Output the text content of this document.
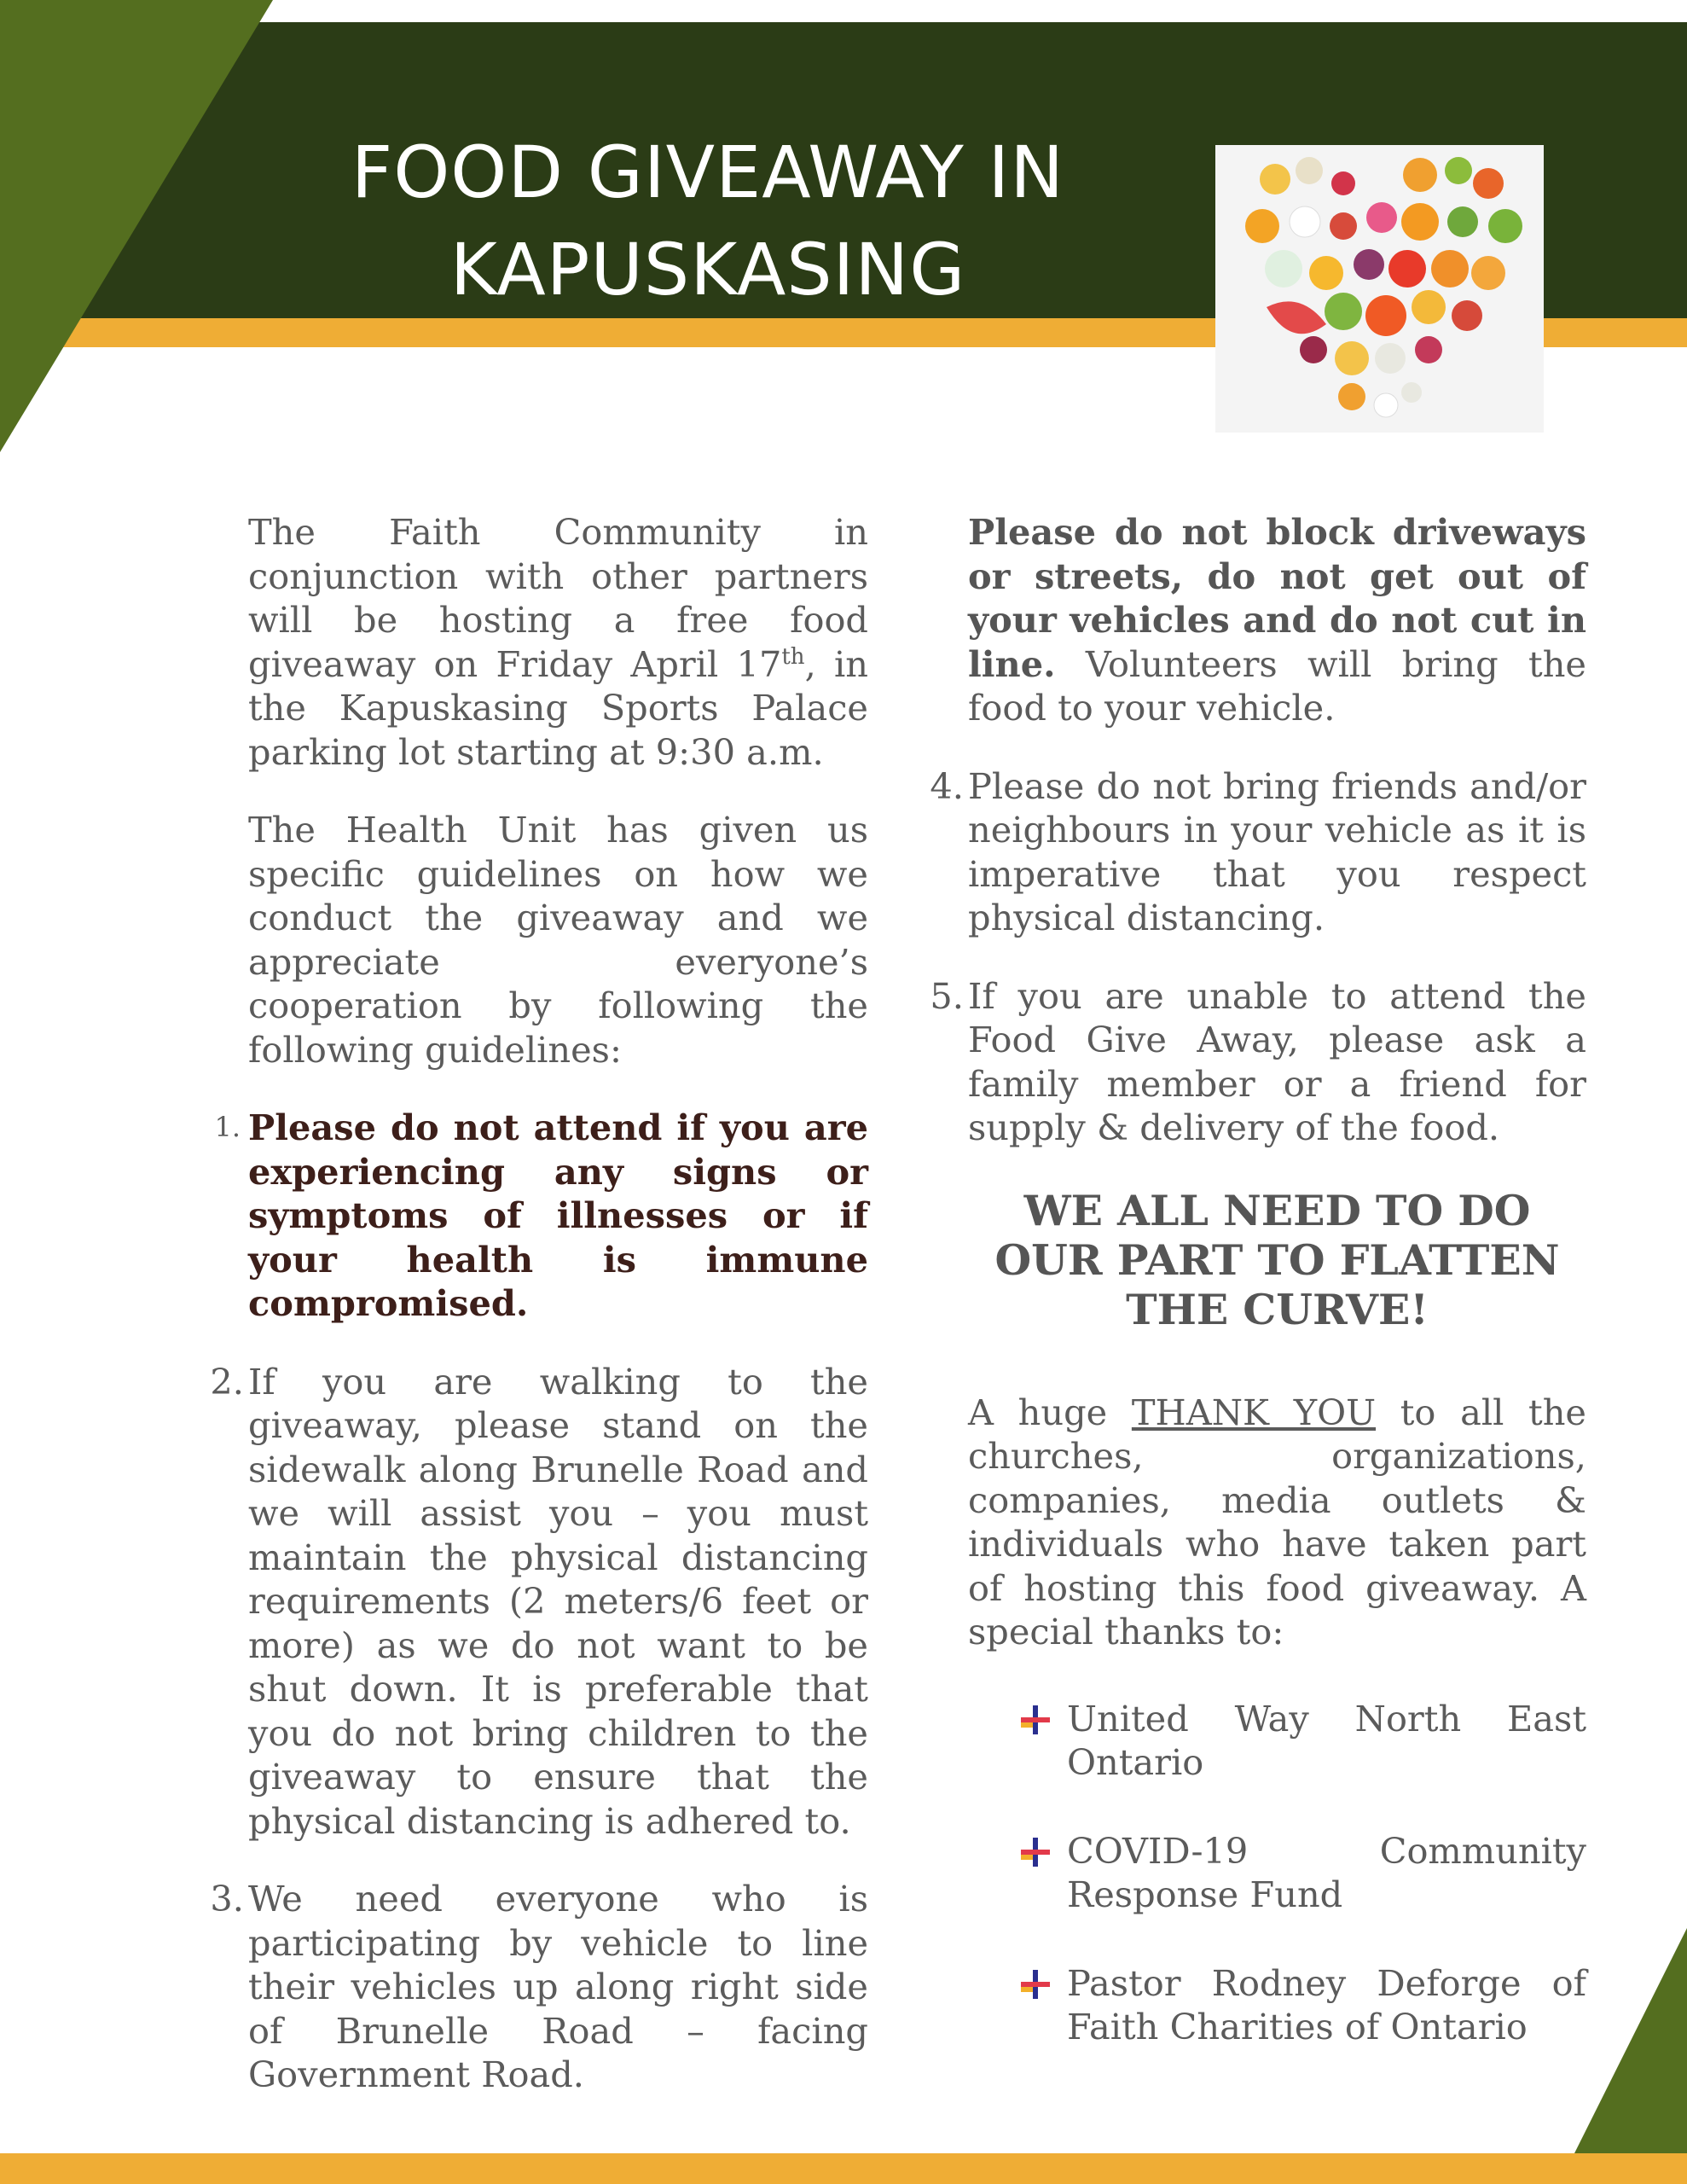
FOOD GIVEAWAY IN
KAPUSKASING

The Faith Community in conjunction with other partners will be hosting a free food giveaway on Friday April 17th, in the Kapuskasing Sports Palace parking lot starting at 9:30 a.m.

The Health Unit has given us specific guidelines on how we conduct the giveaway and we appreciate everyone’s cooperation by following the following guidelines:

1. Please do not attend if you are experiencing any signs or symptoms of illnesses or if your health is immune compromised.
2. If you are walking to the giveaway, please stand on the sidewalk along Brunelle Road and we will assist you – you must maintain the physical distancing requirements (2 meters/6 feet or more) as we do not want to be shut down. It is preferable that you do not bring children to the giveaway to ensure that the physical distancing is adhered to.
3. We need everyone who is participating by vehicle to line their vehicles up along right side of Brunelle Road – facing Government Road.

Please do not block driveways or streets, do not get out of your vehicles and do not cut in line. Volunteers will bring the food to your vehicle.

4. Please do not bring friends and/or neighbours in your vehicle as it is imperative that you respect physical distancing.
5. If you are unable to attend the Food Give Away, please ask a family member or a friend for supply & delivery of the food.
WE ALL NEED TO DO OUR PART TO FLATTEN THE CURVE!

A huge THANK YOU to all the churches, organizations, companies, media outlets & individuals who have taken part of hosting this food giveaway. A special thanks to:

United Way North East Ontario
COVID-19 Community Response Fund
Pastor Rodney Deforge of Faith Charities of Ontario
